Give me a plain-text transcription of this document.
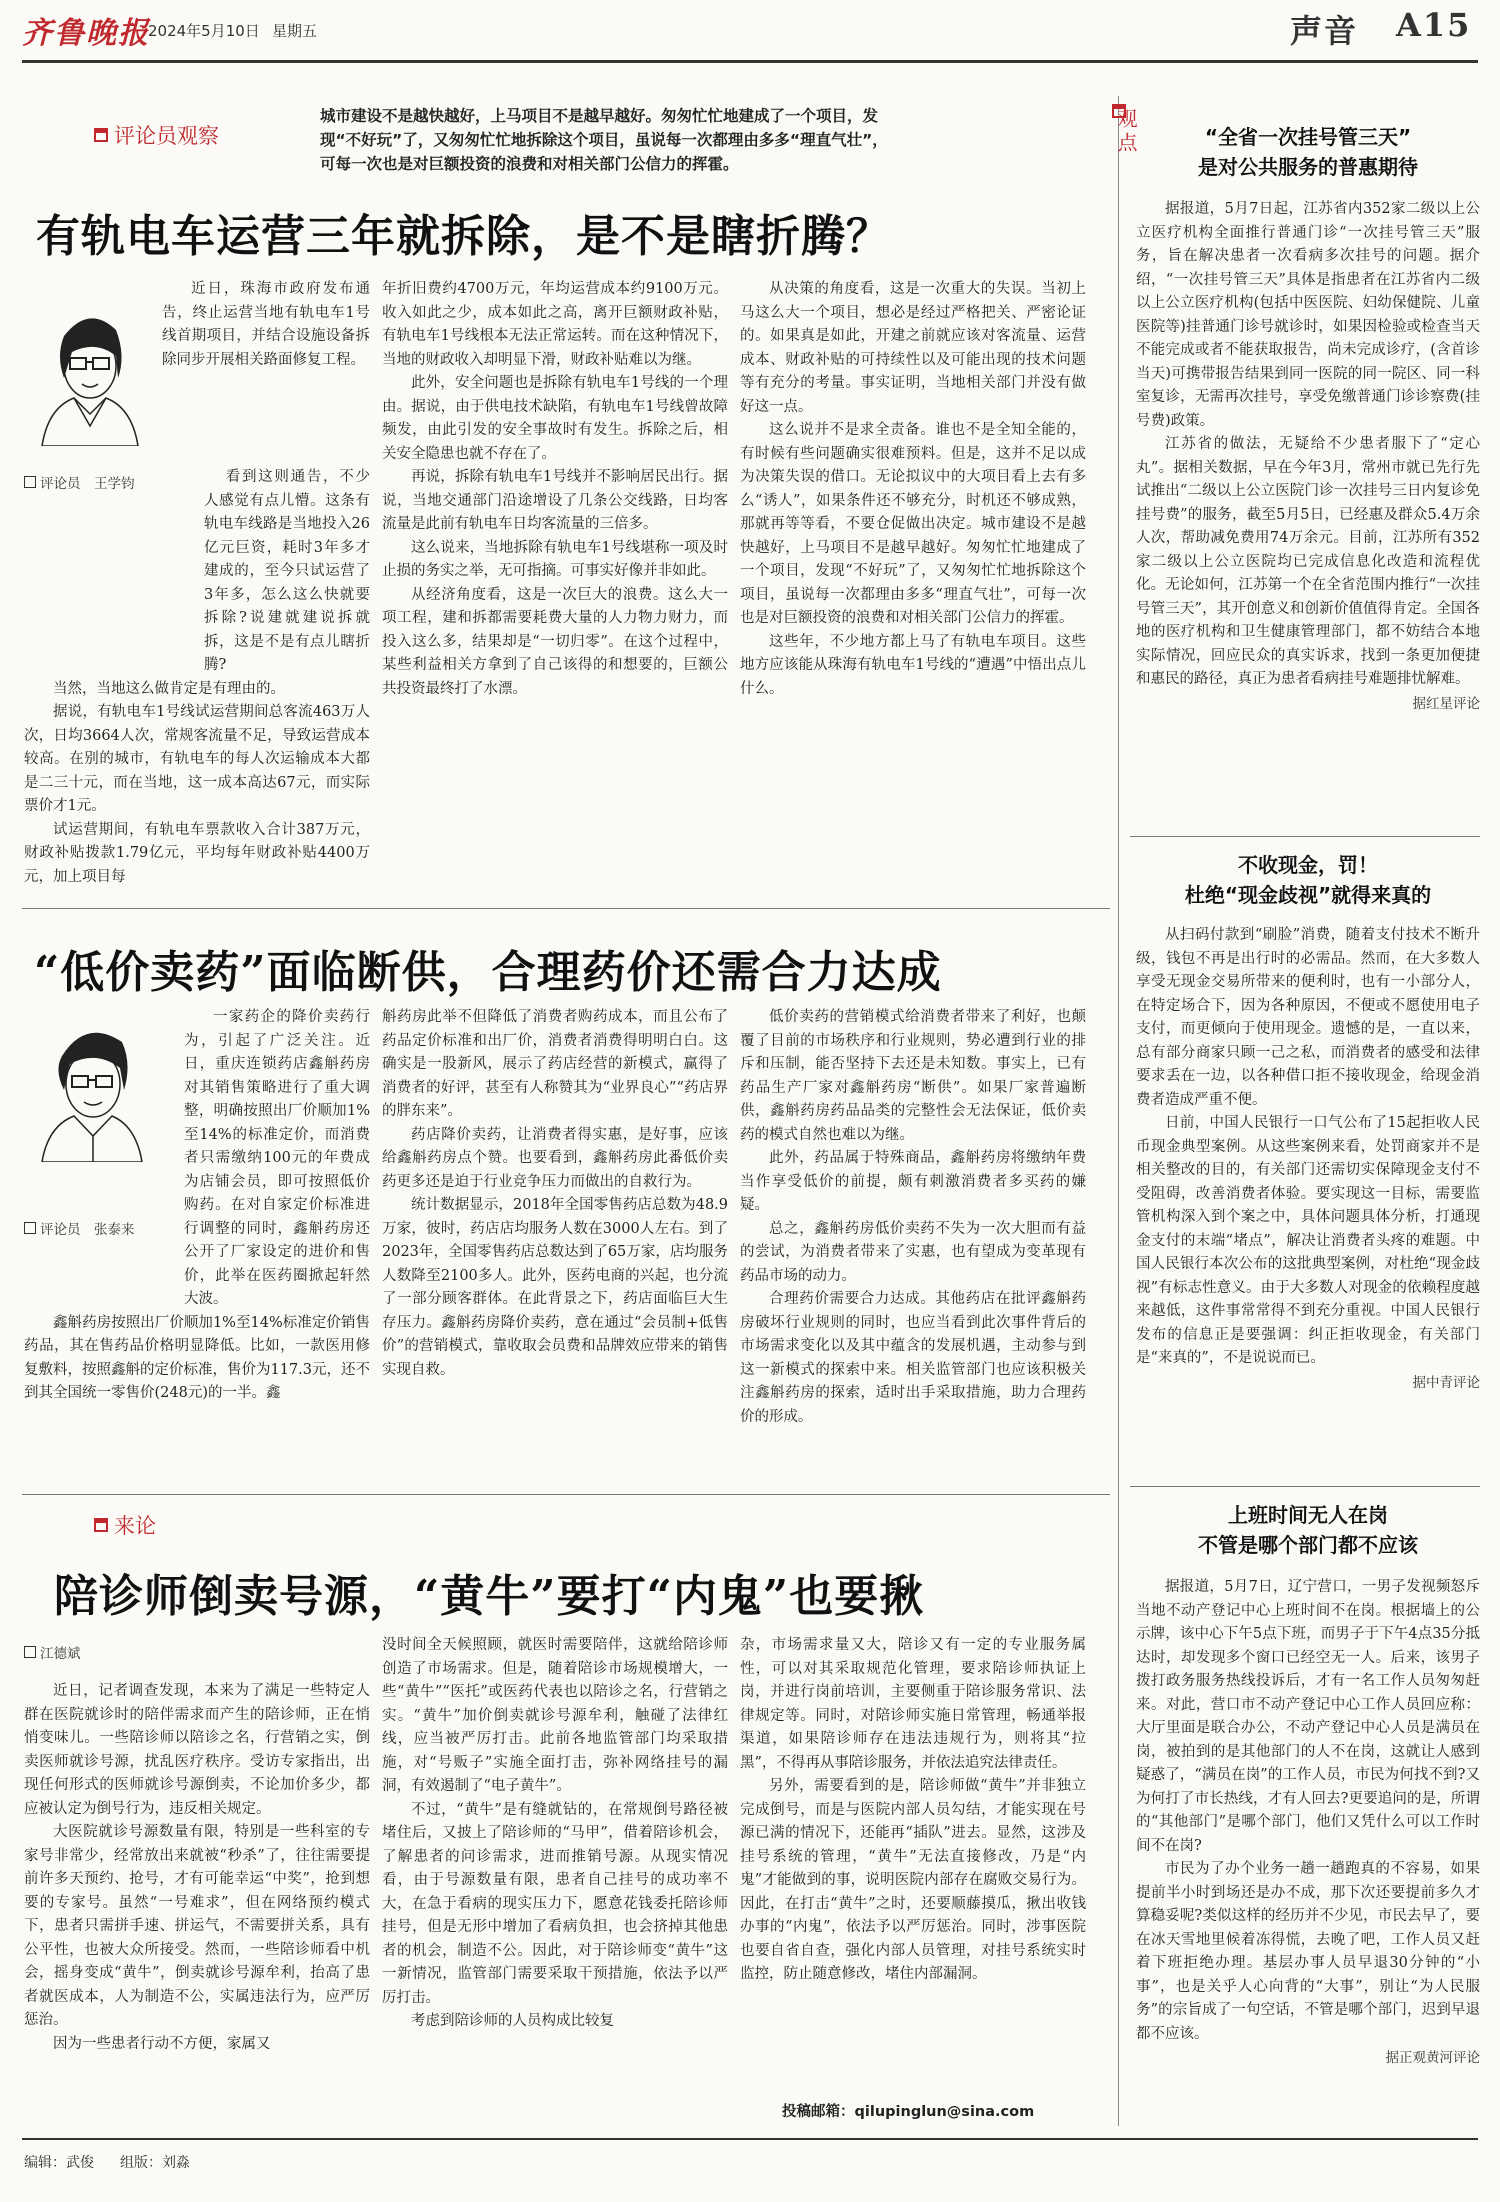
齐鲁晚报
2024年5月10日 星期五	声音 A15
评论员观察
城市建设不是越快越好，上马项目不是越早越好。匆匆忙忙地建成了一个项目，发现“不好玩”了，又匆匆忙忙地拆除这个项目，虽说每一次都理由多多“理直气壮”，可每一次也是对巨额投资的浪费和对相关部门公信力的挥霍。
有轨电车运营三年就拆除，是不是瞎折腾？
评论员　王学钧

近日，珠海市政府发布通告，终止运营当地有轨电车1号线首期项目，并结合设施设备拆除同步开展相关路面修复工程。

看到这则通告，不少人感觉有点儿懵。这条有轨电车线路是当地投入26亿元巨资，耗时3年多才建成的，至今只试运营了3年多，怎么这么快就要拆除?说建就建说拆就拆，这是不是有点儿瞎折腾?

当然，当地这么做肯定是有理由的。

据说，有轨电车1号线试运营期间总客流463万人次，日均3664人次，常规客流量不足，导致运营成本较高。在别的城市，有轨电车的每人次运输成本大都是二三十元，而在当地，这一成本高达67元，而实际票价才1元。

试运营期间，有轨电车票款收入合计387万元，财政补贴拨款1.79亿元，平均每年财政补贴4400万元，加上项目每

年折旧费约4700万元，年均运营成本约9100万元。收入如此之少，成本如此之高，离开巨额财政补贴，有轨电车1号线根本无法正常运转。而在这种情况下，当地的财政收入却明显下滑，财政补贴难以为继。

此外，安全问题也是拆除有轨电车1号线的一个理由。据说，由于供电技术缺陷，有轨电车1号线曾故障频发，由此引发的安全事故时有发生。拆除之后，相关安全隐患也就不存在了。

再说，拆除有轨电车1号线并不影响居民出行。据说，当地交通部门沿途增设了几条公交线路，日均客流量是此前有轨电车日均客流量的三倍多。

这么说来，当地拆除有轨电车1号线堪称一项及时止损的务实之举，无可指摘。可事实好像并非如此。

从经济角度看，这是一次巨大的浪费。这么大一项工程，建和拆都需要耗费大量的人力物力财力，而投入这么多，结果却是“一切归零”。在这个过程中，某些利益相关方拿到了自己该得的和想要的，巨额公共投资最终打了水漂。

从决策的角度看，这是一次重大的失误。当初上马这么大一个项目，想必是经过严格把关、严密论证的。如果真是如此，开建之前就应该对客流量、运营成本、财政补贴的可持续性以及可能出现的技术问题等有充分的考量。事实证明，当地相关部门并没有做好这一点。

这么说并不是求全责备。谁也不是全知全能的，有时候有些问题确实很难预料。但是，这并不足以成为决策失误的借口。无论拟议中的大项目看上去有多么“诱人”，如果条件还不够充分，时机还不够成熟，那就再等等看，不要仓促做出决定。城市建设不是越快越好，上马项目不是越早越好。匆匆忙忙地建成了一个项目，发现“不好玩”了，又匆匆忙忙地拆除这个项目，虽说每一次都理由多多“理直气壮”，可每一次也是对巨额投资的浪费和对相关部门公信力的挥霍。

这些年，不少地方都上马了有轨电车项目。这些地方应该能从珠海有轨电车1号线的“遭遇”中悟出点儿什么。

“低价卖药”面临断供，合理药价还需合力达成
评论员　张泰来

一家药企的降价卖药行为，引起了广泛关注。近日，重庆连锁药店鑫斛药房对其销售策略进行了重大调整，明确按照出厂价顺加1%至14%的标准定价，而消费者只需缴纳100元的年费成为店铺会员，即可按照低价购药。在对自家定价标准进行调整的同时，鑫斛药房还公开了厂家设定的进价和售价，此举在医药圈掀起轩然大波。

鑫斛药房按照出厂价顺加1%至14%标准定价销售药品，其在售药品价格明显降低。比如，一款医用修复敷料，按照鑫斛的定价标准，售价为117.3元，还不到其全国统一零售价(248元)的一半。鑫

斛药房此举不但降低了消费者购药成本，而且公布了药品定价标准和出厂价，消费者消费得明明白白。这确实是一股新风，展示了药店经营的新模式，赢得了消费者的好评，甚至有人称赞其为“业界良心”“药店界的胖东来”。

药店降价卖药，让消费者得实惠，是好事，应该给鑫斛药房点个赞。也要看到，鑫斛药房此番低价卖药更多还是迫于行业竞争压力而做出的自救行为。

统计数据显示，2018年全国零售药店总数为48.9万家，彼时，药店店均服务人数在3000人左右。到了2023年，全国零售药店总数达到了65万家，店均服务人数降至2100多人。此外，医药电商的兴起，也分流了一部分顾客群体。在此背景之下，药店面临巨大生存压力。鑫斛药房降价卖药，意在通过“会员制+低售价”的营销模式，靠收取会员费和品牌效应带来的销售实现自救。

低价卖药的营销模式给消费者带来了利好，也颠覆了目前的市场秩序和行业规则，势必遭到行业的排斥和压制，能否坚持下去还是未知数。事实上，已有药品生产厂家对鑫斛药房“断供”。如果厂家普遍断供，鑫斛药房药品品类的完整性会无法保证，低价卖药的模式自然也难以为继。

此外，药品属于特殊商品，鑫斛药房将缴纳年费当作享受低价的前提，颇有刺激消费者多买药的嫌疑。

总之，鑫斛药房低价卖药不失为一次大胆而有益的尝试，为消费者带来了实惠，也有望成为变革现有药品市场的动力。

合理药价需要合力达成。其他药店在批评鑫斛药房破坏行业规则的同时，也应当看到此次事件背后的市场需求变化以及其中蕴含的发展机遇，主动参与到这一新模式的探索中来。相关监管部门也应该积极关注鑫斛药房的探索，适时出手采取措施，助力合理药价的形成。

来论
陪诊师倒卖号源，“黄牛”要打“内鬼”也要揪
江德斌

近日，记者调查发现，本来为了满足一些特定人群在医院就诊时的陪伴需求而产生的陪诊师，正在悄悄变味儿。一些陪诊师以陪诊之名，行营销之实，倒卖医师就诊号源，扰乱医疗秩序。受访专家指出，出现任何形式的医师就诊号源倒卖，不论加价多少，都应被认定为倒号行为，违反相关规定。

大医院就诊号源数量有限，特别是一些科室的专家号非常少，经常放出来就被“秒杀”了，往往需要提前许多天预约、抢号，才有可能幸运“中奖”，抢到想要的专家号。虽然“一号难求”，但在网络预约模式下，患者只需拼手速、拼运气，不需要拼关系，具有公平性，也被大众所接受。然而，一些陪诊师看中机会，摇身变成“黄牛”，倒卖就诊号源牟利，抬高了患者就医成本，人为制造不公，实属违法行为，应严厉惩治。

因为一些患者行动不方便，家属又

没时间全天候照顾，就医时需要陪伴，这就给陪诊师创造了市场需求。但是，随着陪诊市场规模增大，一些“黄牛”“医托”或医药代表也以陪诊之名，行营销之实。“黄牛”加价倒卖就诊号源牟利，触碰了法律红线，应当被严厉打击。此前各地监管部门均采取措施，对“号贩子”实施全面打击，弥补网络挂号的漏洞，有效遏制了“电子黄牛”。

不过，“黄牛”是有缝就钻的，在常规倒号路径被堵住后，又披上了陪诊师的“马甲”，借着陪诊机会，了解患者的问诊需求，进而推销号源。从现实情况看，由于号源数量有限，患者自己挂号的成功率不大，在急于看病的现实压力下，愿意花钱委托陪诊师挂号，但是无形中增加了看病负担，也会挤掉其他患者的机会，制造不公。因此，对于陪诊师变“黄牛”这一新情况，监管部门需要采取干预措施，依法予以严厉打击。

考虑到陪诊师的人员构成比较复

杂，市场需求量又大，陪诊又有一定的专业服务属性，可以对其采取规范化管理，要求陪诊师执证上岗，并进行岗前培训，主要侧重于陪诊服务常识、法律规定等。同时，对陪诊师实施日常管理，畅通举报渠道，如果陪诊师存在违法违规行为，则将其“拉黑”，不得再从事陪诊服务，并依法追究法律责任。

另外，需要看到的是，陪诊师做“黄牛”并非独立完成倒号，而是与医院内部人员勾结，才能实现在号源已满的情况下，还能再“插队”进去。显然，这涉及挂号系统的管理，“黄牛”无法直接修改，乃是“内鬼”才能做到的事，说明医院内部存在腐败交易行为。因此，在打击“黄牛”之时，还要顺藤摸瓜，揪出收钱办事的“内鬼”，依法予以严厉惩治。同时，涉事医院也要自省自查，强化内部人员管理，对挂号系统实时监控，防止随意修改，堵住内部漏洞。

投稿邮箱：qilupinglun@sina.com
观点	“全省一次挂号管三天”
是对公共服务的普惠期待

据报道，5月7日起，江苏省内352家二级以上公立医疗机构全面推行普通门诊“一次挂号管三天”服务，旨在解决患者一次看病多次挂号的问题。据介绍，“一次挂号管三天”具体是指患者在江苏省内二级以上公立医疗机构(包括中医医院、妇幼保健院、儿童医院等)挂普通门诊号就诊时，如果因检验或检查当天不能完成或者不能获取报告，尚未完成诊疗，(含首诊当天)可携带报告结果到同一医院的同一院区、同一科室复诊，无需再次挂号，享受免缴普通门诊诊察费(挂号费)政策。

江苏省的做法，无疑给不少患者服下了“定心丸”。据相关数据，早在今年3月，常州市就已先行先试推出“二级以上公立医院门诊一次挂号三日内复诊免挂号费”的服务，截至5月5日，已经惠及群众5.4万余人次，帮助减免费用74万余元。目前，江苏所有352家二级以上公立医院均已完成信息化改造和流程优化。无论如何，江苏第一个在全省范围内推行“一次挂号管三天”，其开创意义和创新价值值得肯定。全国各地的医疗机构和卫生健康管理部门，都不妨结合本地实际情况，回应民众的真实诉求，找到一条更加便捷和惠民的路径，真正为患者看病挂号难题排忧解难。

据红星评论
不收现金，罚！
杜绝“现金歧视”就得来真的

从扫码付款到“刷脸”消费，随着支付技术不断升级，钱包不再是出行时的必需品。然而，在大多数人享受无现金交易所带来的便利时，也有一小部分人，在特定场合下，因为各种原因，不便或不愿使用电子支付，而更倾向于使用现金。遗憾的是，一直以来，总有部分商家只顾一己之私，而消费者的感受和法律要求丢在一边，以各种借口拒不接收现金，给现金消费者造成严重不便。

日前，中国人民银行一口气公布了15起拒收人民币现金典型案例。从这些案例来看，处罚商家并不是相关整改的目的，有关部门还需切实保障现金支付不受阻碍，改善消费者体验。要实现这一目标，需要监管机构深入到个案之中，具体问题具体分析，打通现金支付的末端“堵点”，解决让消费者头疼的难题。中国人民银行本次公布的这批典型案例，对杜绝“现金歧视”有标志性意义。由于大多数人对现金的依赖程度越来越低，这件事常常得不到充分重视。中国人民银行发布的信息正是要强调：纠正拒收现金，有关部门是“来真的”，不是说说而已。

据中青评论
上班时间无人在岗
不管是哪个部门都不应该

据报道，5月7日，辽宁营口，一男子发视频怒斥当地不动产登记中心上班时间不在岗。根据墙上的公示牌，该中心下午5点下班，而男子于下午4点35分抵达时，却发现多个窗口已经空无一人。后来，该男子拨打政务服务热线投诉后，才有一名工作人员匆匆赶来。对此，营口市不动产登记中心工作人员回应称：大厅里面是联合办公，不动产登记中心人员是满员在岗，被拍到的是其他部门的人不在岗，这就让人感到疑惑了，“满员在岗”的工作人员，市民为何找不到?又为何打了市长热线，才有人回去?更要追问的是，所谓的“其他部门”是哪个部门，他们又凭什么可以工作时间不在岗?

市民为了办个业务一趟一趟跑真的不容易，如果提前半小时到场还是办不成，那下次还要提前多久才算稳妥呢?类似这样的经历并不少见，市民去早了，要在冰天雪地里候着冻得慌，去晚了吧，工作人员又赶着下班拒绝办理。基层办事人员早退30分钟的“小事”，也是关乎人心向背的“大事”，别让“为人民服务”的宗旨成了一句空话，不管是哪个部门，迟到早退都不应该。

据正观黄河评论
编辑：武俊 组版：刘淼
